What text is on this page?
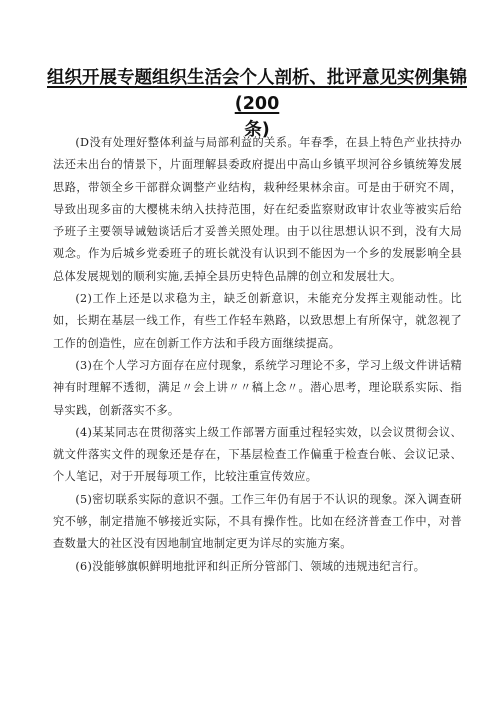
组织开展专题组织生活会个人剖析、批评意见实例集锦(200
条)

(D没有处理好整体利益与局部利益的关系。年春季，在县上特色产业扶持办法还未出台的情景下，片面理解县委政府提出中高山乡镇平坝河谷乡镇统筹发展思路，带领全乡干部群众调整产业结构，栽种经果林余亩。可是由于研究不周，导致出现多亩的大樱桃未纳入扶持范围，好在纪委监察财政审计农业等被实后给予班子主要领导诫勉谈话后才妥善关照处理。由于以往思想认识不到，没有大局观念。作为后城乡党委班子的班长就没有认识到不能因为一个乡的发展影响全县总体发展规划的顺利实施,丢掉全县历史特色品牌的创立和发展壮大。

(2)工作上还是以求稳为主，缺乏创新意识，未能充分发挥主观能动性。比如，长期在基层一线工作，有些工作轻车熟路，以致思想上有所保守，就忽视了工作的创造性，应在创新工作方法和手段方面继续提高。

(3)在个人学习方面存在应付现象，系统学习理论不多，学习上级文件讲话精神有时理解不透彻，满足〃会上讲〃〃稿上念〃。潜心思考，理论联系实际、指导实践，创新落实不多。

(4)某某同志在贯彻落实上级工作部署方面重过程轻实效，以会议贯彻会议、就文件落实文件的现象还是存在，下基层检查工作偏重于检查台帐、会议记录、个人笔记，对于开展每项工作，比较注重宣传效应。

(5)密切联系实际的意识不强。工作三年仍有居于不认识的现象。深入调查研究不够，制定措施不够接近实际，不具有操作性。比如在经济普查工作中，对普查数量大的社区没有因地制宜地制定更为详尽的实施方案。

(6)没能够旗帜鲜明地批评和纠正所分管部门、领域的违规违纪言行。
